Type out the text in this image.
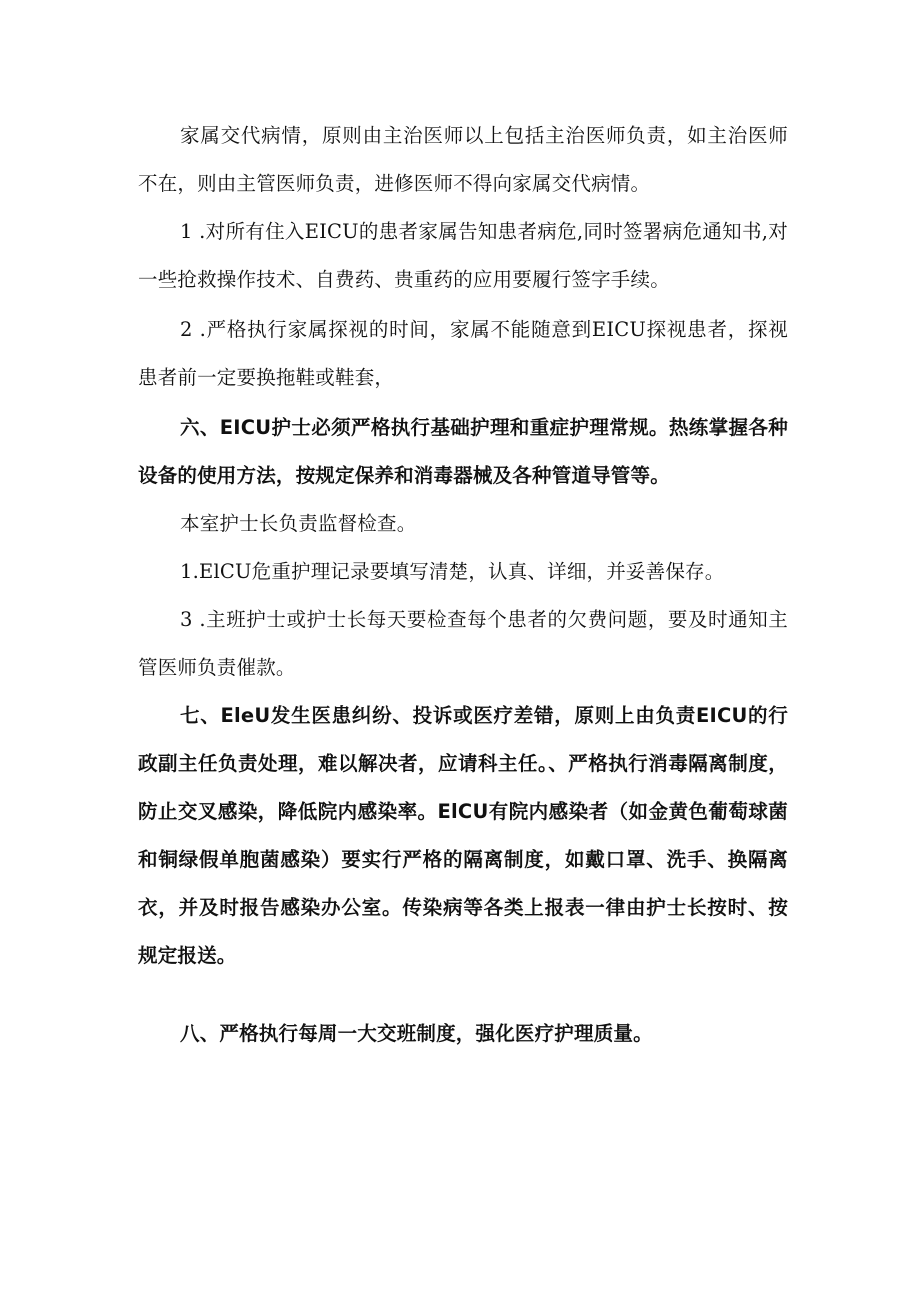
家属交代病情，原则由主治医师以上包括主治医师负责，如主治医师不在，则由主管医师负责，进修医师不得向家属交代病情。

1 .对所有住入EICU的患者家属告知患者病危,同时签署病危通知书,对一些抢救操作技术、自费药、贵重药的应用要履行签字手续。

2 .严格执行家属探视的时间，家属不能随意到EICU探视患者，探视患者前一定要换拖鞋或鞋套，

六、EICU护士必须严格执行基础护理和重症护理常规。热练掌握各种设备的使用方法，按规定保养和消毒器械及各种管道导管等。

本室护士长负责监督检查。

1.ElCU危重护理记录要填写清楚，认真、详细，并妥善保存。

3 .主班护士或护士长每天要检查每个患者的欠费问题，要及时通知主管医师负责催款。

七、EleU发生医患纠纷、投诉或医疗差错，原则上由负责EICU的行政副主任负责处理，难以解决者，应请科主任。、严格执行消毒隔离制度，防止交叉感染，降低院内感染率。ElCU有院内感染者（如金黄色葡萄球菌和铜绿假单胞菌感染）要实行严格的隔离制度，如戴口罩、洗手、换隔离衣，并及时报告感染办公室。传染病等各类上报表一律由护士长按时、按规定报送。

八、严格执行每周一大交班制度，强化医疗护理质量。
